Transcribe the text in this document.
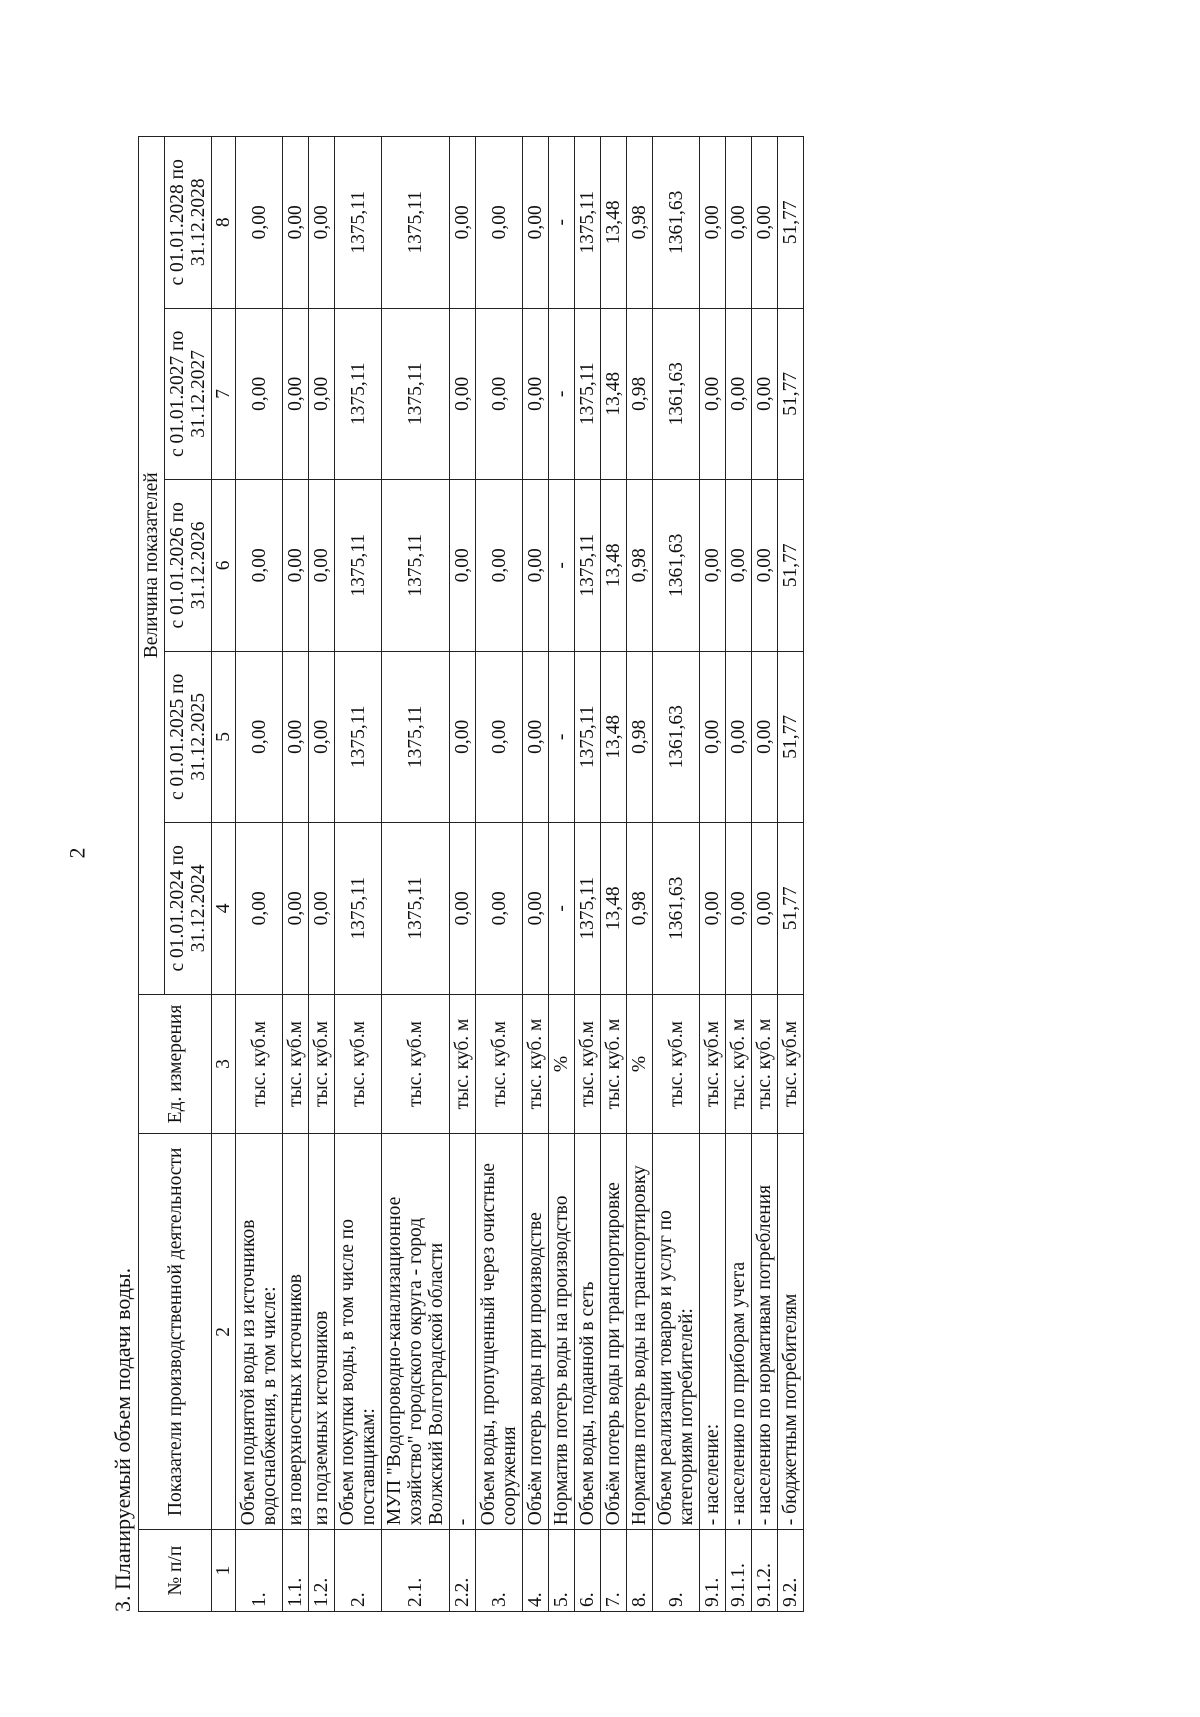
2
3. Планируемый объем подачи воды. № п/п	Показатели производственной деятельности	Ед. измерения	Величина показателей				
			с 01.01.2024 по 31.12.2024	с 01.01.2025 по 31.12.2025	с 01.01.2026 по 31.12.2026	с 01.01.2027 по 31.12.2027	с 01.01.2028 по 31.12.2028
1	2	3	4	5	6	7	8
1.	Объем поднятой воды из источников водоснабжения, в том числе:	тыс. куб.м	0,00	0,00	0,00	0,00	0,00
1.1.	из поверхностных источников	тыс. куб.м	0,00	0,00	0,00	0,00	0,00
1.2.	из подземных источников	тыс. куб.м	0,00	0,00	0,00	0,00	0,00
2.	Объем покупки воды, в том числе по поставщикам:	тыс. куб.м	1375,11	1375,11	1375,11	1375,11	1375,11
2.1.	МУП "Водопроводно-канализационное хозяйство" городского округа - город Волжский Волгоградской области	тыс. куб.м	1375,11	1375,11	1375,11	1375,11	1375,11
2.2.	-	тыс. куб. м	0,00	0,00	0,00	0,00	0,00
3.	Объем воды, пропущенный через очистные сооружения	тыс. куб.м	0,00	0,00	0,00	0,00	0,00
4.	Объём потерь воды при производстве	тыс. куб. м	0,00	0,00	0,00	0,00	0,00
5.	Норматив потерь воды на производство	%	-	-	-	-	-
6.	Объем воды, поданной в сеть	тыс. куб.м	1375,11	1375,11	1375,11	1375,11	1375,11
7.	Объём потерь воды при транспортировке	тыс. куб. м	13,48	13,48	13,48	13,48	13,48
8.	Норматив потерь воды на транспортировку	%	0,98	0,98	0,98	0,98	0,98
9.	Объем реализации товаров и услуг по категориям потребителей:	тыс. куб.м	1361,63	1361,63	1361,63	1361,63	1361,63
9.1.	- население:	тыс. куб.м	0,00	0,00	0,00	0,00	0,00
9.1.1.	- населению по приборам учета	тыс. куб. м	0,00	0,00	0,00	0,00	0,00
9.1.2.	- населению по нормативам потребления	тыс. куб. м	0,00	0,00	0,00	0,00	0,00
9.2.	- бюджетным потребителям	тыс. куб.м	51,77	51,77	51,77	51,77	51,77
